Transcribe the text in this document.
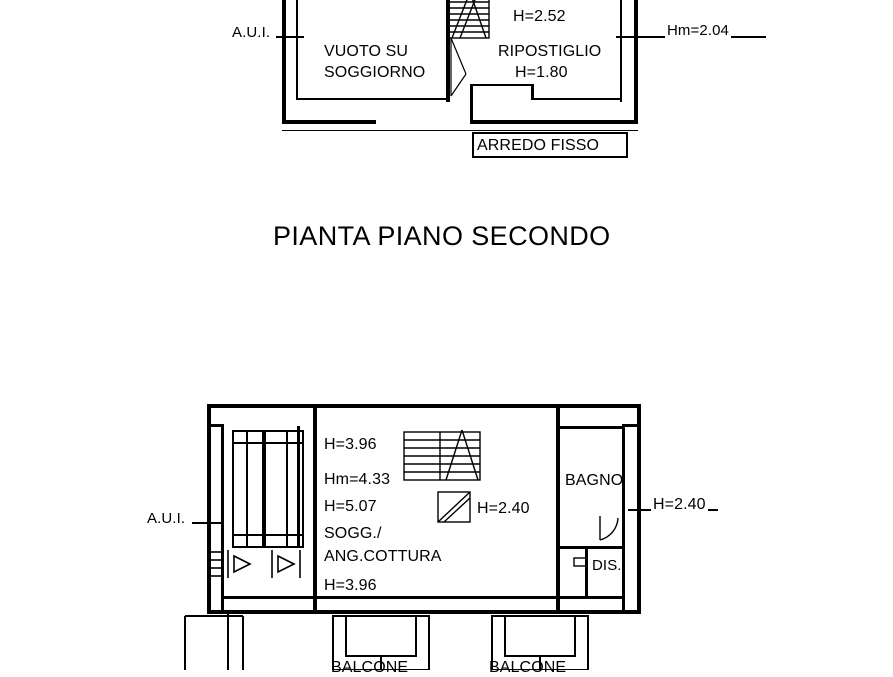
A.U.I.	Hm=2.04
H=2.52
VUOTO SU
SOGGIORNO
RIPOSTIGLIO
H=1.80
ARREDO FISSO
PIANTA PIANO SECONDO
A.U.I.
H=2.40
H=3.96
Hm=4.33
H=5.07
SOGG./
ANG.COTTURA
H=3.96
H=2.40
BAGNO
DIS.
BALCONE	BALCONE
